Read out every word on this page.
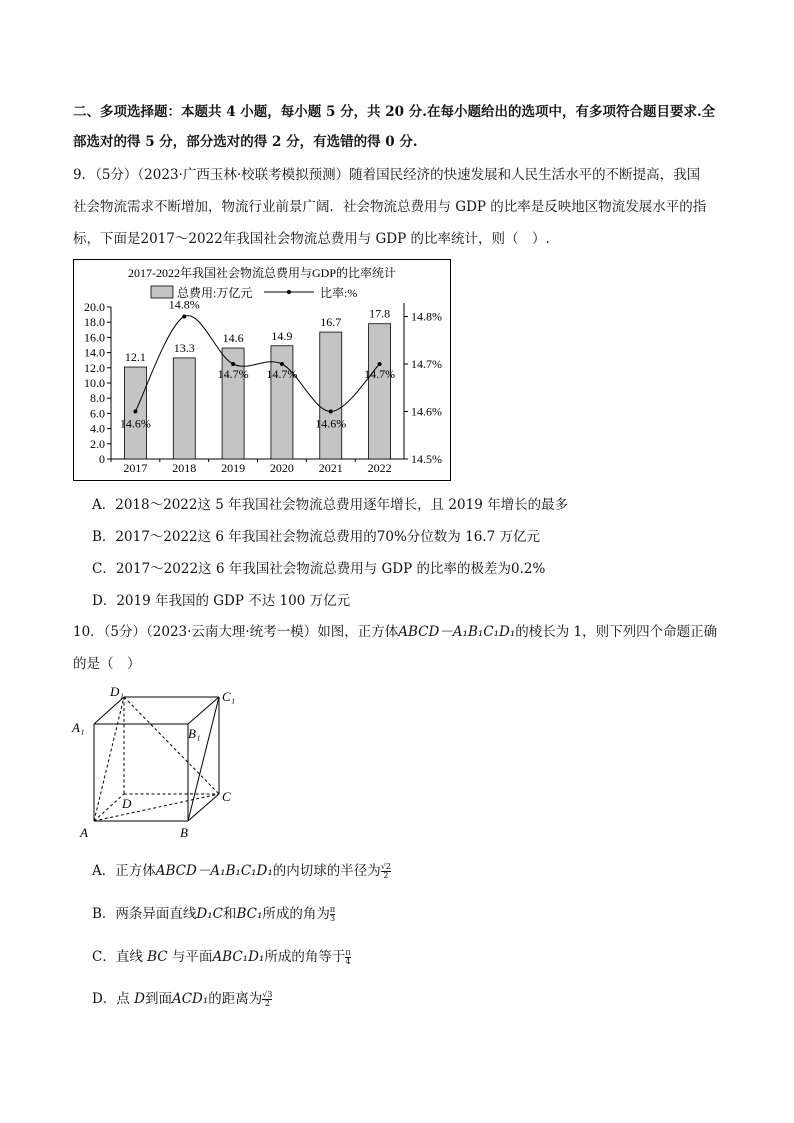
二、多项选择题：本题共 4 小题，每小题 5 分，共 20 分.在每小题给出的选项中，有多项符合题目要求.全
部选对的得 5 分，部分选对的得 2 分，有选错的得 0 分.
9．（5分）（2023·广西玉林·校联考模拟预测）随着国民经济的快速发展和人民生活水平的不断提高，我国
社会物流需求不断增加，物流行业前景广阔．社会物流总费用与 GDP 的比率是反映地区物流发展水平的指
标，下面是2017～2022年我国社会物流总费用与 GDP 的比率统计，则（　）.
2017-2022年我国社会物流总费用与GDP的比率统计
总费用:万亿元	比率:%
0
2.0
4.0
6.0
8.0
10.0
12.0
14.0
16.0
18.0
20.0
14.5%
14.6%
14.7%
14.8%
12.1
13.3
14.6 14.9
16.7
17.8
2017 2018 2019 2020 2021 2022
14.6%
14.8%
14.7% 14.7%
14.6%
14.7%
A．2018～2022这 5 年我国社会物流总费用逐年增长，且 2019 年增长的最多
B．2017～2022这 6 年我国社会物流总费用的70%分位数为 16.7 万亿元
C．2017～2022这 6 年我国社会物流总费用与 GDP 的比率的极差为0.2%
D．2019 年我国的 GDP 不达 100 万亿元
10．（5分）（2023·云南大理·统考一模）如图，正方体ABCD－A₁B₁C₁D₁的棱长为 1，则下列四个命题正确
的是（　）
D₁	C₁
A₁	B₁
D	C
A	B
A．正方体ABCD－A₁B₁C₁D₁的内切球的半径为 $\frac{√2}{2}$
B．两条异面直线D₁C和BC₁所成的角为 $\frac{\pi}{3}$
C．直线 BC 与平面ABC₁D₁所成的角等于 $\frac{\pi}{4}$
D．点 D到面ACD₁的距离为 $\frac{√3}{2}$
